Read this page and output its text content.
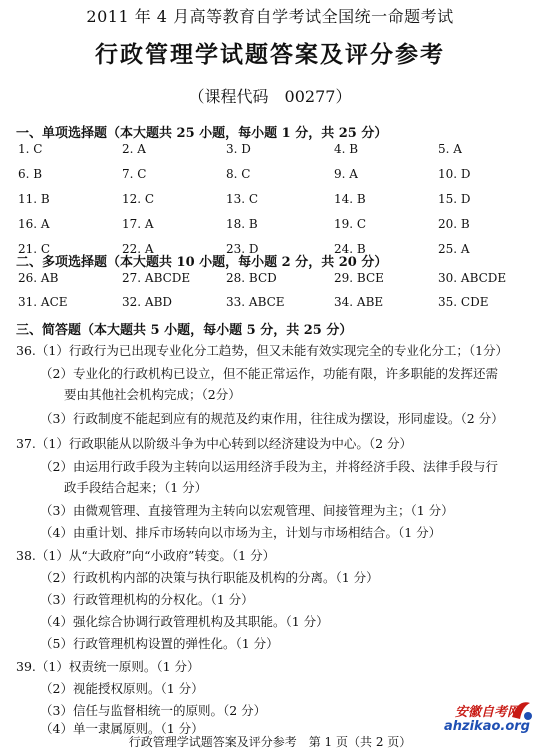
2011 年 4 月高等教育自学考试全国统一命题考试
行政管理学试题答案及评分参考
（课程代码　00277）
一、单项选择题（本大题共 25 小题，每小题 1 分，共 25 分）
1. C	2. A	3. D	4. B	5. A
6. B	7. C	8. C	9. A	10. D
11. B	12. C	13. C	14. B	15. D
16. A	17. A	18. B	19. C	20. B
21. C	22. A	23. D	24. B	25. A
二、多项选择题（本大题共 10 小题，每小题 2 分，共 20 分）
26. AB	27. ABCDE	28. BCD	29. BCE	30. ABCDE
31. ACE	32. ABD	33. ABCE	34. ABE	35. CDE
三、简答题（本大题共 5 小题，每小题 5 分，共 25 分）
36.（1）行政行为已出现专业化分工趋势，但又未能有效实现完全的专业化分工；（1分）
（2）专业化的行政机构已设立，但不能正常运作，功能有限，许多职能的发挥还需
要由其他社会机构完成；（2分）
（3）行政制度不能起到应有的规范及约束作用，往往成为摆设，形同虚设。（2 分）
37.（1）行政职能从以阶级斗争为中心转到以经济建设为中心。（2 分）
（2）由运用行政手段为主转向以运用经济手段为主，并将经济手段、法律手段与行
政手段结合起来；（1 分）
（3）由微观管理、直接管理为主转向以宏观管理、间接管理为主；（1 分）
（4）由重计划、排斥市场转向以市场为主，计划与市场相结合。（1 分）
38.（1）从“大政府”向“小政府”转变。（1 分）
（2）行政机构内部的决策与执行职能及机构的分离。（1 分）
（3）行政管理机构的分权化。（1 分）
（4）强化综合协调行政管理机构及其职能。（1 分）
（5）行政管理机构设置的弹性化。（1 分）
39.（1）权责统一原则。（1 分）
（2）视能授权原则。（1 分）
（3）信任与监督相统一的原则。（2 分）
（4）单一隶属原则。（1 分）
行政管理学试题答案及评分参考　第 1 页（共 2 页）
安徽自考网
ahzikao.org
